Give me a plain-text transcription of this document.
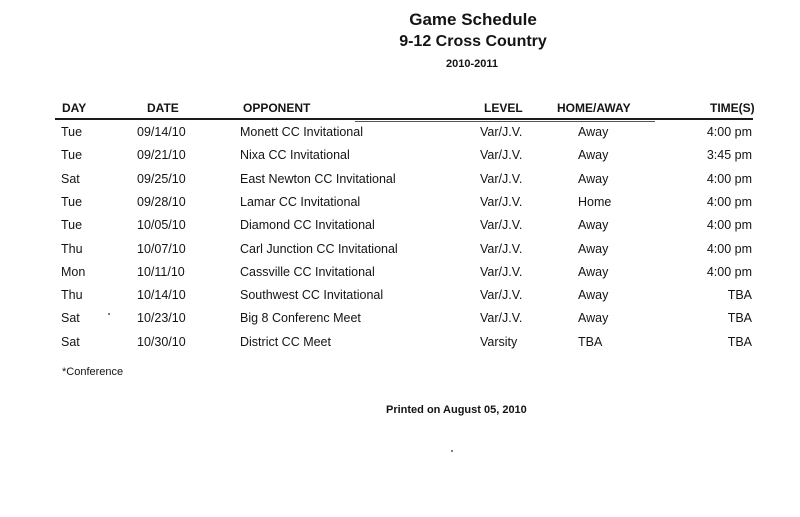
Game Schedule
9-12 Cross Country
2010-2011
DAY	DATE	OPPONENT	LEVEL	HOME/AWAY	TIME(S)
Tue	09/14/10	Monett CC Invitational	Var/J.V.	Away	4:00 pm
Tue	09/21/10	Nixa CC Invitational	Var/J.V.	Away	3:45 pm
Sat	09/25/10	East Newton CC Invitational	Var/J.V.	Away	4:00 pm
Tue	09/28/10	Lamar CC Invitational	Var/J.V.	Home	4:00 pm
Tue	10/05/10	Diamond CC Invitational	Var/J.V.	Away	4:00 pm
Thu	10/07/10	Carl Junction CC Invitational	Var/J.V.	Away	4:00 pm
Mon	10/11/10	Cassville CC Invitational	Var/J.V.	Away	4:00 pm
Thu	10/14/10	Southwest CC Invitational	Var/J.V.	Away	TBA
Sat	10/23/10	Big 8 Conferenc Meet	Var/J.V.	Away	TBA
Sat	10/30/10	District CC Meet	Varsity	TBA	TBA
*Conference
Printed on August 05, 2010
